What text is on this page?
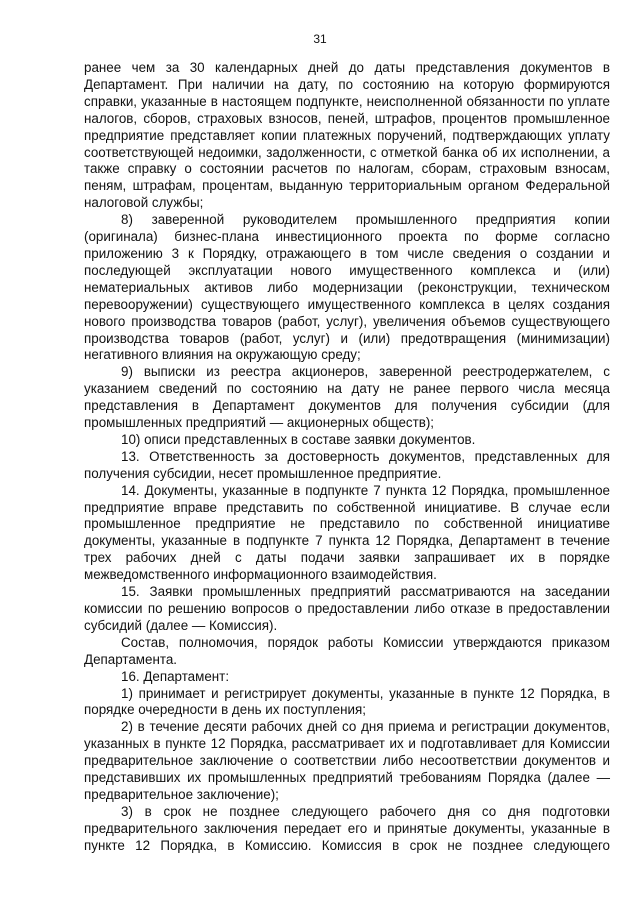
31

ранее чем за 30 календарных дней до даты представления документов в Департамент. При наличии на дату, по состоянию на которую формируются справки, указанные в настоящем подпункте, неисполненной обязанности по уплате налогов, сборов, страховых взносов, пеней, штрафов, процентов промышленное предприятие представляет копии платежных поручений, подтверждающих уплату соответствующей недоимки, задолженности, с отметкой банка об их исполнении, а также справку о состоянии расчетов по налогам, сборам, страховым взносам, пеням, штрафам, процентам, выданную территориальным органом Федеральной налоговой службы;

8) заверенной руководителем промышленного предприятия копии (оригинала) бизнес-плана инвестиционного проекта по форме согласно приложению 3 к Порядку, отражающего в том числе сведения о создании и последующей эксплуатации нового имущественного комплекса и (или) нематериальных активов либо модернизации (реконструкции, техническом перевооружении) существующего имущественного комплекса в целях создания нового производства товаров (работ, услуг), увеличения объемов существующего производства товаров (работ, услуг) и (или) предотвращения (минимизации) негативного влияния на окружающую среду;

9) выписки из реестра акционеров, заверенной реестродержателем, с указанием сведений по состоянию на дату не ранее первого числа месяца представления в Департамент документов для получения субсидии (для промышленных предприятий — акционерных обществ);

10) описи представленных в составе заявки документов.

13. Ответственность за достоверность документов, представленных для получения субсидии, несет промышленное предприятие.

14. Документы, указанные в подпункте 7 пункта 12 Порядка, промышленное предприятие вправе представить по собственной инициативе. В случае если промышленное предприятие не представило по собственной инициативе документы, указанные в подпункте 7 пункта 12 Порядка, Департамент в течение трех рабочих дней с даты подачи заявки запрашивает их в порядке межведомственного информационного взаимодействия.

15. Заявки промышленных предприятий рассматриваются на заседании комиссии по решению вопросов о предоставлении либо отказе в предоставлении субсидий (далее — Комиссия).

Состав, полномочия, порядок работы Комиссии утверждаются приказом Департамента.

16. Департамент:

1) принимает и регистрирует документы, указанные в пункте 12 Порядка, в порядке очередности в день их поступления;

2) в течение десяти рабочих дней со дня приема и регистрации документов, указанных в пункте 12 Порядка, рассматривает их и подготавливает для Комиссии предварительное заключение о соответствии либо несоответствии документов и представивших их промышленных предприятий требованиям Порядка (далее — предварительное заключение);

3) в срок не позднее следующего рабочего дня со дня подготовки предварительного заключения передает его и принятые документы, указанные в пункте 12 Порядка, в Комиссию. Комиссия в срок не позднее следующего
